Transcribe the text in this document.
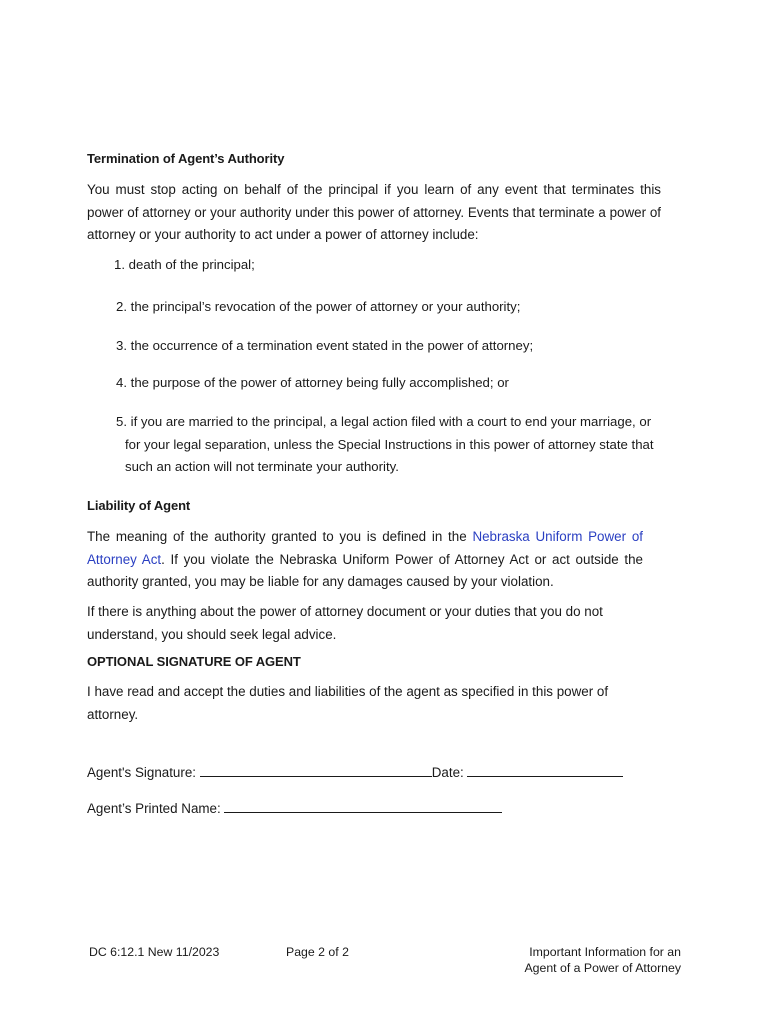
Termination of Agent’s Authority
You must stop acting on behalf of the principal if you learn of any event that terminates this power of attorney or your authority under this power of attorney. Events that terminate a power of attorney or your authority to act under a power of attorney include:
1. death of the principal;
2. the principal’s revocation of the power of attorney or your authority;
3. the occurrence of a termination event stated in the power of attorney;
4. the purpose of the power of attorney being fully accomplished; or
5. if you are married to the principal, a legal action filed with a court to end your marriage, or for your legal separation, unless the Special Instructions in this power of attorney state that such an action will not terminate your authority.
Liability of Agent
The meaning of the authority granted to you is defined in the Nebraska Uniform Power of Attorney Act. If you violate the Nebraska Uniform Power of Attorney Act or act outside the authority granted, you may be liable for any damages caused by your violation.
If there is anything about the power of attorney document or your duties that you do not understand, you should seek legal advice.
OPTIONAL SIGNATURE OF AGENT
I have read and accept the duties and liabilities of the agent as specified in this power of attorney.
Agent's Signature:	Date:
Agent’s Printed Name:
DC 6:12.1 New 11/2023	Page 2 of 2	Important Information for an
Agent of a Power of Attorney
